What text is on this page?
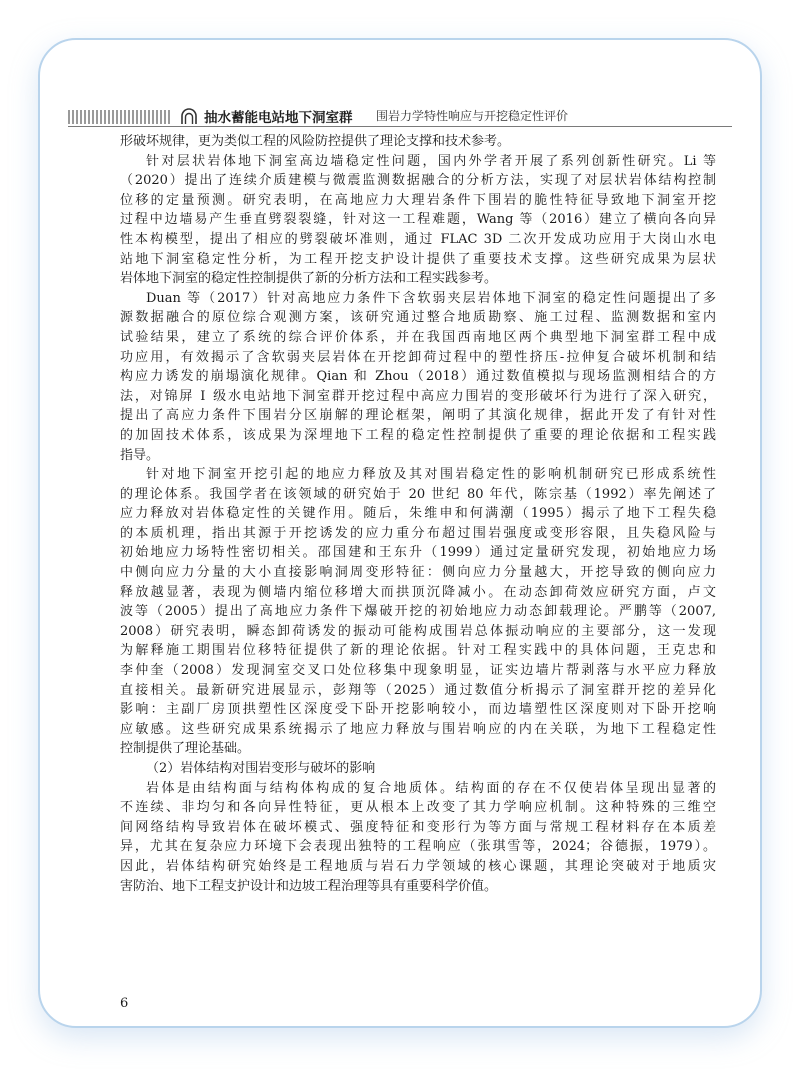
抽水蓄能电站地下洞室群 围岩力学特性响应与开挖稳定性评价
形破坏规律，更为类似工程的风险防控提供了理论支撑和技术参考。
针对层状岩体地下洞室高边墙稳定性问题，国内外学者开展了系列创新性研究。Li 等
（2020）提出了连续介质建模与微震监测数据融合的分析方法，实现了对层状岩体结构控制
位移的定量预测。研究表明，在高地应力大理岩条件下围岩的脆性特征导致地下洞室开挖
过程中边墙易产生垂直劈裂裂缝，针对这一工程难题，Wang 等（2016）建立了横向各向异
性本构模型，提出了相应的劈裂破坏准则，通过 FLAC 3D 二次开发成功应用于大岗山水电
站地下洞室稳定性分析，为工程开挖支护设计提供了重要技术支撑。这些研究成果为层状
岩体地下洞室的稳定性控制提供了新的分析方法和工程实践参考。
Duan 等（2017）针对高地应力条件下含软弱夹层岩体地下洞室的稳定性问题提出了多
源数据融合的原位综合观测方案，该研究通过整合地质勘察、施工过程、监测数据和室内
试验结果，建立了系统的综合评价体系，并在我国西南地区两个典型地下洞室群工程中成
功应用，有效揭示了含软弱夹层岩体在开挖卸荷过程中的塑性挤压-拉伸复合破坏机制和结
构应力诱发的崩塌演化规律。Qian 和 Zhou（2018）通过数值模拟与现场监测相结合的方
法，对锦屏 Ⅰ 级水电站地下洞室群开挖过程中高应力围岩的变形破坏行为进行了深入研究，
提出了高应力条件下围岩分区崩解的理论框架，阐明了其演化规律，据此开发了有针对性
的加固技术体系，该成果为深埋地下工程的稳定性控制提供了重要的理论依据和工程实践
指导。
针对地下洞室开挖引起的地应力释放及其对围岩稳定性的影响机制研究已形成系统性
的理论体系。我国学者在该领域的研究始于 20 世纪 80 年代，陈宗基（1992）率先阐述了
应力释放对岩体稳定性的关键作用。随后，朱维申和何满潮（1995）揭示了地下工程失稳
的本质机理，指出其源于开挖诱发的应力重分布超过围岩强度或变形容限，且失稳风险与
初始地应力场特性密切相关。邵国建和王东升（1999）通过定量研究发现，初始地应力场
中侧向应力分量的大小直接影响洞周变形特征：侧向应力分量越大，开挖导致的侧向应力
释放越显著，表现为侧墙内缩位移增大而拱顶沉降减小。在动态卸荷效应研究方面，卢文
波等（2005）提出了高地应力条件下爆破开挖的初始地应力动态卸载理论。严鹏等（2007,
2008）研究表明，瞬态卸荷诱发的振动可能构成围岩总体振动响应的主要部分，这一发现
为解释施工期围岩位移特征提供了新的理论依据。针对工程实践中的具体问题，王克忠和
李仲奎（2008）发现洞室交叉口处位移集中现象明显，证实边墙片帮剥落与水平应力释放
直接相关。最新研究进展显示，彭翔等（2025）通过数值分析揭示了洞室群开挖的差异化
影响：主副厂房顶拱塑性区深度受下卧开挖影响较小，而边墙塑性区深度则对下卧开挖响
应敏感。这些研究成果系统揭示了地应力释放与围岩响应的内在关联，为地下工程稳定性
控制提供了理论基础。
（2）岩体结构对围岩变形与破坏的影响
岩体是由结构面与结构体构成的复合地质体。结构面的存在不仅使岩体呈现出显著的
不连续、非均匀和各向异性特征，更从根本上改变了其力学响应机制。这种特殊的三维空
间网络结构导致岩体在破坏模式、强度特征和变形行为等方面与常规工程材料存在本质差
异，尤其在复杂应力环境下会表现出独特的工程响应（张琪雪等，2024；谷德振，1979）。
因此，岩体结构研究始终是工程地质与岩石力学领域的核心课题，其理论突破对于地质灾
害防治、地下工程支护设计和边坡工程治理等具有重要科学价值。
6
